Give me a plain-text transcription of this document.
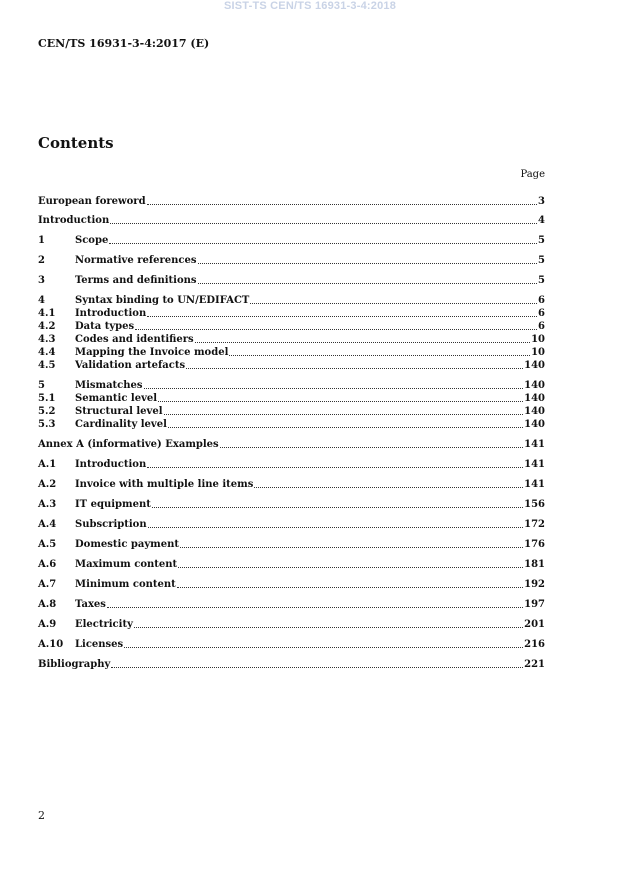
SIST-TS CEN/TS 16931-3-4:2018
CEN/TS 16931-3-4:2017 (E)
Contents
Page
European foreword	3
Introduction	4
1	Scope	5
2	Normative references	5
3	Terms and definitions	5
4	Syntax binding to UN/EDIFACT	6
4.1	Introduction	6
4.2	Data types	6
4.3	Codes and identifiers	10
4.4	Mapping the Invoice model	10
4.5	Validation artefacts	140
5	Mismatches	140
5.1	Semantic level	140
5.2	Structural level	140
5.3	Cardinality level	140
Annex A (informative) Examples	141
A.1	Introduction	141
A.2	Invoice with multiple line items	141
A.3	IT equipment	156
A.4	Subscription	172
A.5	Domestic payment	176
A.6	Maximum content	181
A.7	Minimum content	192
A.8	Taxes	197
A.9	Electricity	201
A.10	Licenses	216
Bibliography	221
2
